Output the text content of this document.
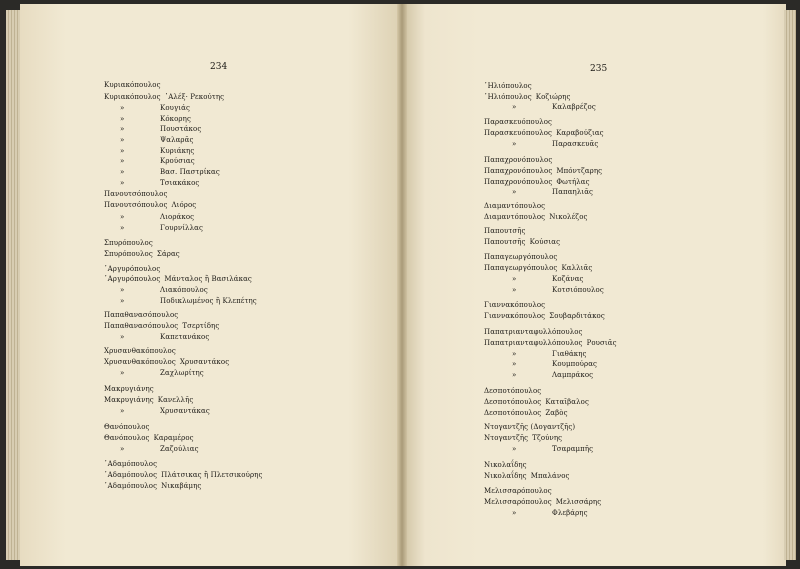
234
Κυριακόπουλος
Κυριακόπουλος ῾Αλέξ· Ρεκούτης
»	Κουγιάς
»	Κόκορης
»	Πουστάκος
»	Ψαλαρᾶς
»	Κυριάκης
»	Κρούσιας
»	Βασ. Παστρίκας
»	Τσιακάκος
Πανουτσόπουλος
Πανουτσόπουλος Λιόρος
»	Λιοράκος
»	Γουρνίλλας
Σπυρόπουλος
Σπυρόπουλος Σάρας
῾Αργυρόπουλος
῾Αργυρόπουλος Μάνταλος ἢ Βασιλάκας
»	Λιακόπουλος
»	Ποδικλωμένος ἢ Κλεπέτης
Παπαθανασόπουλος
Παπαθανασόπουλος Τσερτίδης
»	Καπετανάκος
Χρυσανθακόπουλος
Χρυσανθακόπουλος Χρυσαντάκος
»	Ζαχλωρίτης
Μακρυγιάνης
Μακρυγιάνης Κανελλῆς
»	Χρυσαντάκας
Θανόπουλος
Θανόπουλος Καραμέρος
»	Ζαζούλιας
῾Αδαμόπουλος
῾Αδαμόπουλος Πλάτσικας ἢ Πλετσικούρης
῾Αδαμόπουλος Νικαβάμης
235
῾Ηλιόπουλος
῾Ηλιόπουλος Κοζιώρης
»	Καλαβρέζος
Παρασκευόπουλος
Παρασκευόπουλος Καραβούζιας
»	Παρασκευᾶς
Παπαχρονόπουλος
Παπαχρονόπουλος Μπόντζαρης
Παπαχρονόπουλος Φωτήλας
»	Παπαηλιᾶς
Διαμαντόπουλος
Διαμαντόπουλος Νικολέζος
Παπουτσῆς
Παπουτσῆς Κούσιας
Παπαγεωργόπουλος
Παπαγεωργόπουλος Καλλιᾶς
»	Κοζάνας
»	Κοτσιόπουλος
Γιαννακόπουλος
Γιαννακόπουλος Σουβαρδιτάκος
Παπατριανταφυλλόπουλος
Παπατριανταφυλλόπουλος Ρουσιᾶς
»	Γιαθάκης
»	Κουμπούρας
»	Λαμπράκος
Δεσποτόπουλος
Δεσποτόπουλος Καταῖβαλος
Δεσποτόπουλος Ζαβὸς
Ντογαντζῆς (Δογαντζῆς)
Ντογαντζῆς Τζούνης
»	Τσαραμπῆς
Νικολαΐδης
Νικολαΐδης Μπαλάνος
Μελισσαρόπουλος
Μελισσαρόπουλος Μελισσάρης
»	Φλεβάρης
